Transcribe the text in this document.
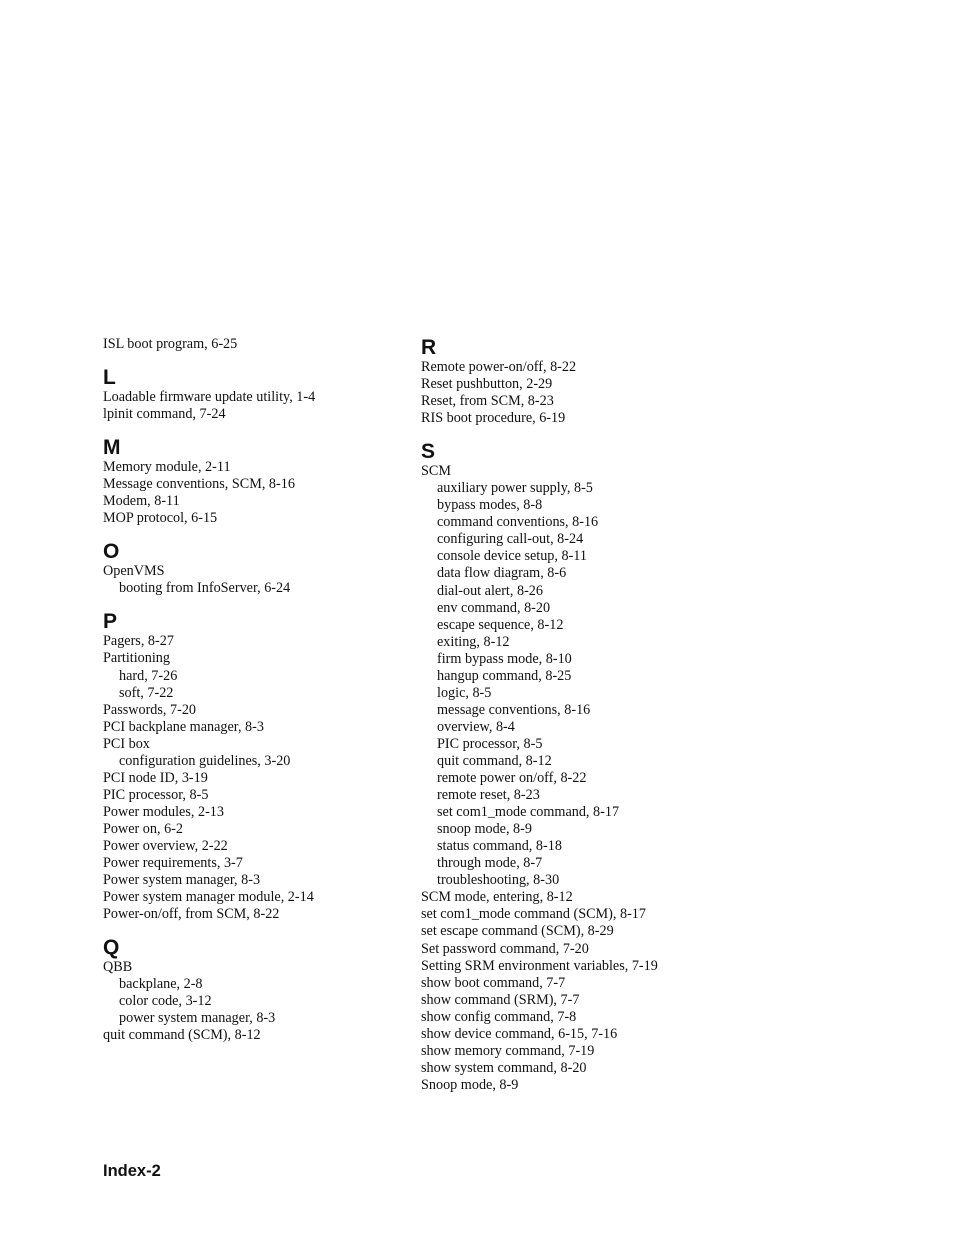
ISL boot program, 6-25
L
Loadable firmware update utility, 1-4
lpinit command, 7-24
M
Memory module, 2-11
Message conventions, SCM, 8-16
Modem, 8-11
MOP protocol, 6-15
O
OpenVMS
booting from InfoServer, 6-24
P
Pagers, 8-27
Partitioning
hard, 7-26
soft, 7-22
Passwords, 7-20
PCI backplane manager, 8-3
PCI box
configuration guidelines, 3-20
PCI node ID, 3-19
PIC processor, 8-5
Power modules, 2-13
Power on, 6-2
Power overview, 2-22
Power requirements, 3-7
Power system manager, 8-3
Power system manager module, 2-14
Power-on/off, from SCM, 8-22
Q
QBB
backplane, 2-8
color code, 3-12
power system manager, 8-3
quit command (SCM), 8-12
R
Remote power-on/off, 8-22
Reset pushbutton, 2-29
Reset, from SCM, 8-23
RIS boot procedure, 6-19
S
SCM
auxiliary power supply, 8-5
bypass modes, 8-8
command conventions, 8-16
configuring call-out, 8-24
console device setup, 8-11
data flow diagram, 8-6
dial-out alert, 8-26
env command, 8-20
escape sequence, 8-12
exiting, 8-12
firm bypass mode, 8-10
hangup command, 8-25
logic, 8-5
message conventions, 8-16
overview, 8-4
PIC processor, 8-5
quit command, 8-12
remote power on/off, 8-22
remote reset, 8-23
set com1_mode command, 8-17
snoop mode, 8-9
status command, 8-18
through mode, 8-7
troubleshooting, 8-30
SCM mode, entering, 8-12
set com1_mode command (SCM), 8-17
set escape command (SCM), 8-29
Set password command, 7-20
Setting SRM environment variables, 7-19
show boot command, 7-7
show command (SRM), 7-7
show config command, 7-8
show device command, 6-15, 7-16
show memory command, 7-19
show system command, 8-20
Snoop mode, 8-9
Index-2
